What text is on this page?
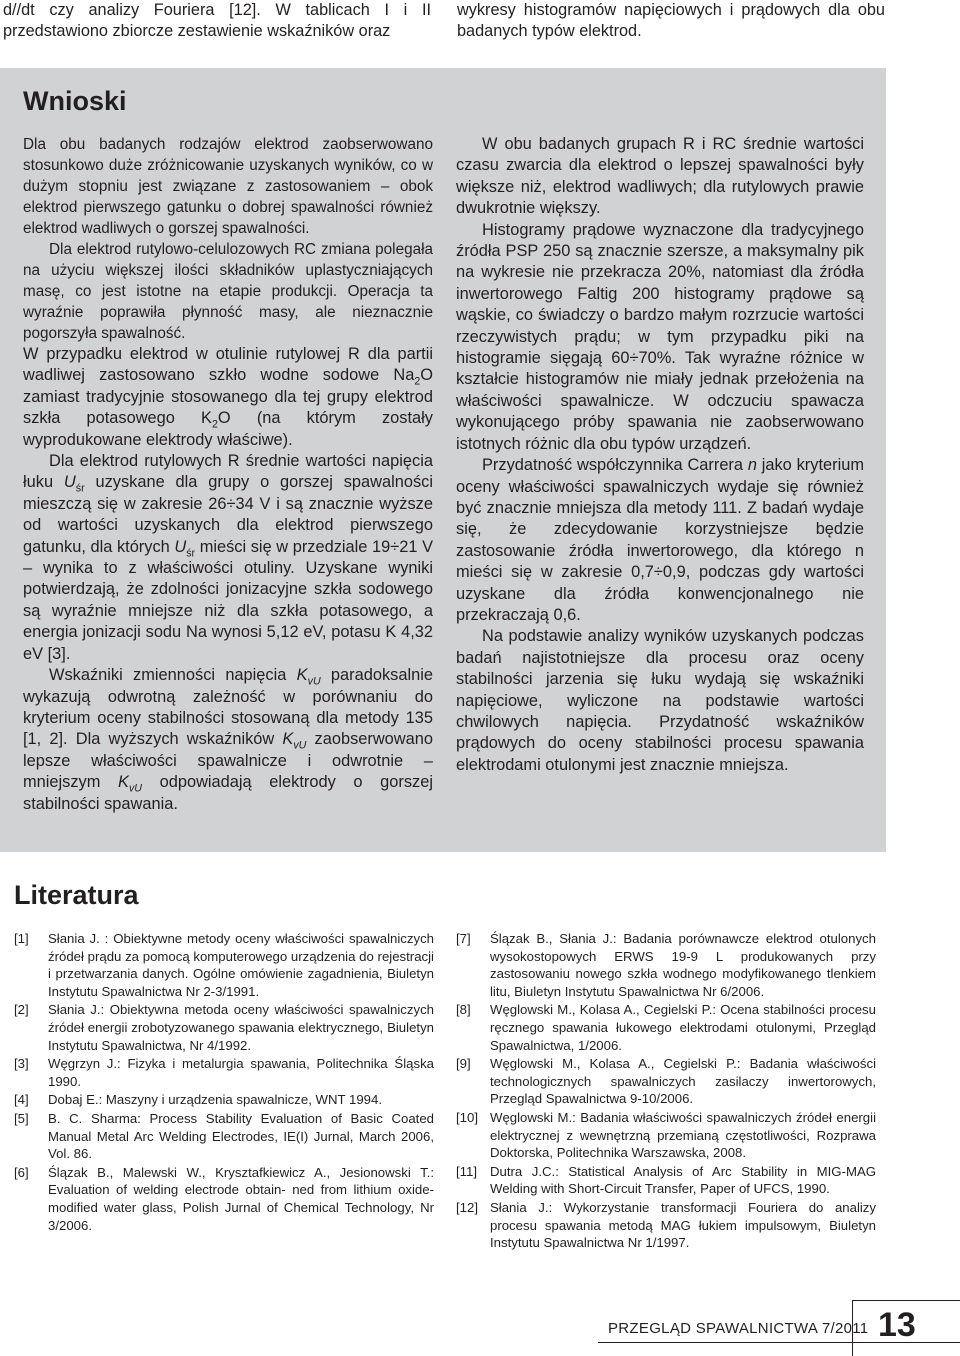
d//dt czy analizy Fouriera [12]. W tablicach I i II przedstawiono zbiorcze zestawienie wskaźników oraz
wykresy histogramów napięciowych i prądowych dla obu badanych typów elektrod.
Wnioski

Dla obu badanych rodzajów elektrod zaobserwowano stosunkowo duże zróżnicowanie uzyskanych wyników, co w dużym stopniu jest związane z zastosowaniem – obok elektrod pierwszego gatunku o dobrej spawalności również elektrod wadliwych o gorszej spawalności.

Dla elektrod rutylowo-celulozowych RC zmiana polegała na użyciu większej ilości składników uplastyczniających masę, co jest istotne na etapie produkcji. Operacja ta wyraźnie poprawiła płynność masy, ale nieznacznie pogorszyła spawalność.

W przypadku elektrod w otulinie rutylowej R dla partii wadliwej zastosowano szkło wodne sodowe $Na_2O$ zamiast tradycyjnie stosowanego dla tej grupy elektrod szkła potasowego $K_2O$ (na którym zostały wyprodukowane elektrody właściwe).

Dla elektrod rutylowych R średnie wartości napięcia łuku $U_{śr}$ uzyskane dla grupy o gorszej spawalności mieszczą się w zakresie 26÷34 V i są znacznie wyższe od wartości uzyskanych dla elektrod pierwszego gatunku, dla których $U_{śr}$ mieści się w przedziale 19÷21 V – wynika to z właściwości otuliny. Uzyskane wyniki potwierdzają, że zdolności jonizacyjne szkła sodowego są wyraźnie mniejsze niż dla szkła potasowego, a energia jonizacji sodu Na wynosi 5,12 eV, potasu K 4,32 eV [3].

Wskaźniki zmienności napięcia $K_{vU}$ paradoksalnie wykazują odwrotną zależność w porównaniu do kryterium oceny stabilności stosowaną dla metody 135 [1, 2]. Dla wyższych wskaźników $K_{vU}$ zaobserwowano lepsze właściwości spawalnicze i odwrotnie – mniejszym $K_{vU}$ odpowiadają elektrody o gorszej stabilności spawania.

W obu badanych grupach R i RC średnie wartości czasu zwarcia dla elektrod o lepszej spawalności były większe niż, elektrod wadliwych; dla rutylowych prawie dwukrotnie większy.

Histogramy prądowe wyznaczone dla tradycyjnego źródła PSP 250 są znacznie szersze, a maksymalny pik na wykresie nie przekracza 20%, natomiast dla źródła inwertorowego Faltig 200 histogramy prądowe są wąskie, co świadczy o bardzo małym rozrzucie wartości rzeczywistych prądu; w tym przypadku piki na histogramie sięgają 60÷70%. Tak wyraźne różnice w kształcie histogramów nie miały jednak przełożenia na właściwości spawalnicze. W odczuciu spawacza wykonującego próby spawania nie zaobserwowano istotnych różnic dla obu typów urządzeń.

Przydatność współczynnika Carrera n jako kryterium oceny właściwości spawalniczych wydaje się również być znacznie mniejsza dla metody 111. Z badań wydaje się, że zdecydowanie korzystniejsze będzie zastosowanie źródła inwertorowego, dla którego n mieści się w zakresie 0,7÷0,9, podczas gdy wartości uzyskane dla źródła konwencjonalnego nie przekraczają 0,6.

Na podstawie analizy wyników uzyskanych podczas badań najistotniejsze dla procesu oraz oceny stabilności jarzenia się łuku wydają się wskaźniki napięciowe, wyliczone na podstawie wartości chwilowych napięcia. Przydatność wskaźników prądowych do oceny stabilności procesu spawania elektrodami otulonymi jest znacznie mniejsza.

Literatura
[1] Słania J. : Obiektywne metody oceny właściwości spawalniczych źródeł prądu za pomocą komputerowego urządzenia do rejestracji i przetwarzania danych. Ogólne omówienie zagadnienia, Biuletyn Instytutu Spawalnictwa Nr 2-3/1991.
[2] Słania J.: Obiektywna metoda oceny właściwości spawalniczych źródeł energii zrobotyzowanego spawania elektrycznego, Biuletyn Instytutu Spawalnictwa, Nr 4/1992.
[3] Węgrzyn J.: Fizyka i metalurgia spawania, Politechnika Śląska 1990.
[4] Dobaj E.: Maszyny i urządzenia spawalnicze, WNT 1994.
[5] B. C. Sharma: Process Stability Evaluation of Basic Coated Manual Metal Arc Welding Electrodes, IE(I) Jurnal, March 2006, Vol. 86.
[6] Ślązak B., Malewski W., Krysztafkiewicz A., Jesionowski T.: Evaluation of welding electrode obtain- ned from lithium oxide-modified water glass, Polish Jurnal of Chemical Technology, Nr 3/2006.
[7] Ślązak B., Słania J.: Badania porównawcze elektrod otulonych wysokostopowych ERWS 19-9 L produkowanych przy zastosowaniu nowego szkła wodnego modyfikowanego tlenkiem litu, Biuletyn Instytutu Spawalnictwa Nr 6/2006.
[8] Węglowski M., Kolasa A., Cegielski P.: Ocena stabilności procesu ręcznego spawania łukowego elektrodami otulonymi, Przegląd Spawalnictwa, 1/2006.
[9] Węglowski M., Kolasa A., Cegielski P.: Badania właściwości technologicznych spawalniczych zasilaczy inwertorowych, Przegląd Spawalnictwa 9-10/2006.
[10] Węglowski M.: Badania właściwości spawalniczych źródeł energii elektrycznej z wewnętrzną przemianą częstotliwości, Rozprawa Doktorska, Politechnika Warszawska, 2008.
[11] Dutra J.C.: Statistical Analysis of Arc Stability in MIG-MAG Welding with Short-Circuit Transfer, Paper of UFCS, 1990.
[12] Słania J.: Wykorzystanie transformacji Fouriera do analizy procesu spawania metodą MAG łukiem impulsowym, Biuletyn Instytutu Spawalnictwa Nr 1/1997.
PRZEGLĄD SPAWALNICTWA 7/2011 13
